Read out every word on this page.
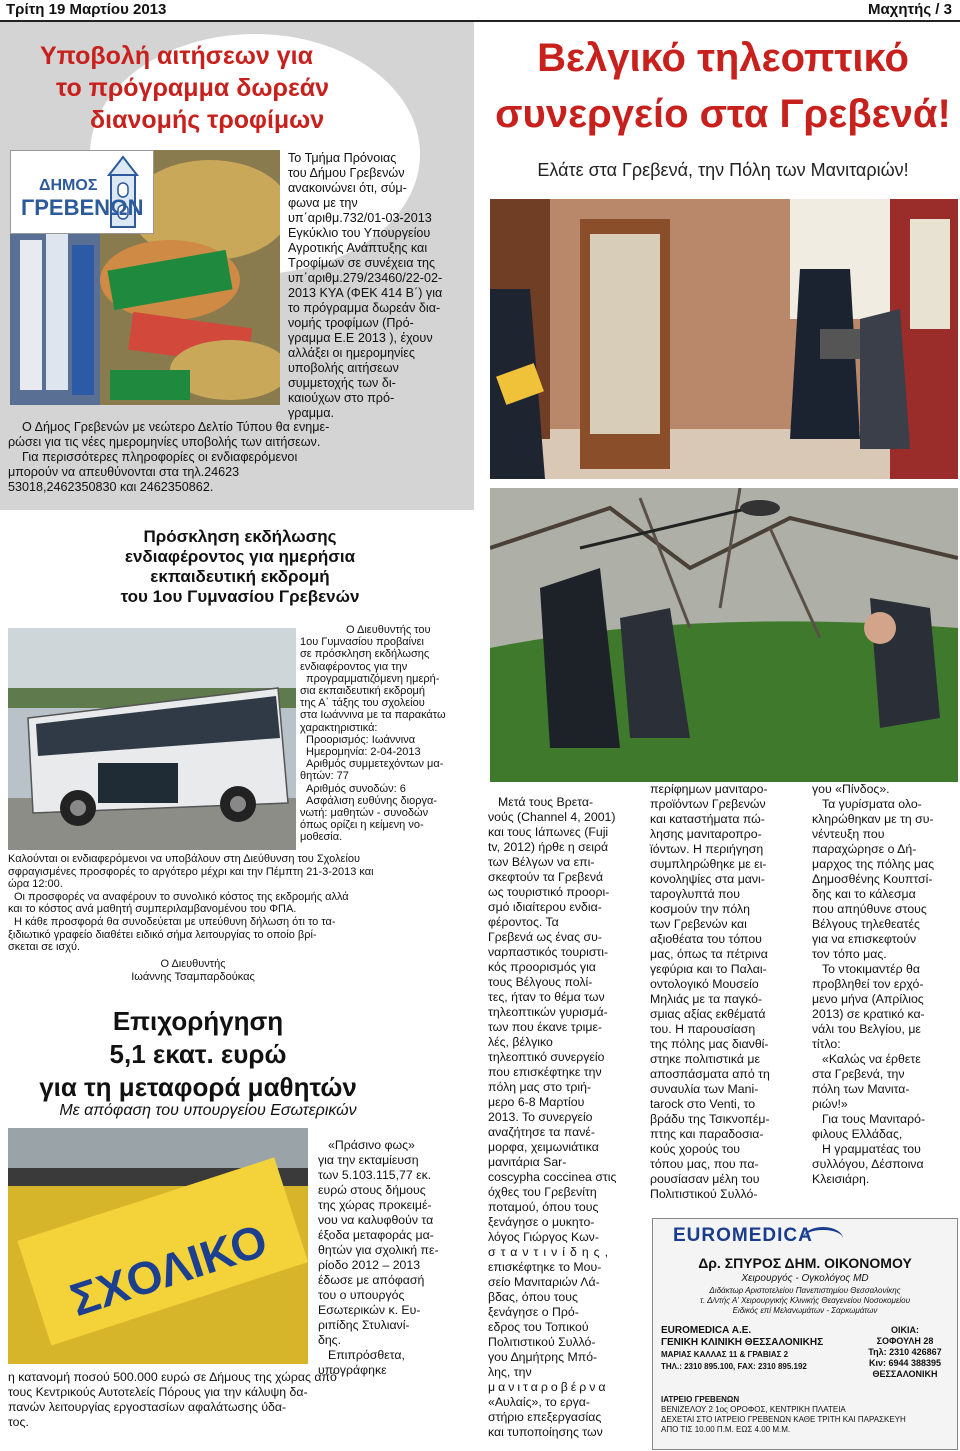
Τρίτη 19 Μαρτίου 2013	Μαχητής / 3
Υποβολή αιτήσεων για
το πρόγραμμα δωρεάν
διανομής τροφίμων
ΔΗΜΟΣ
ΓΡΕΒΕΝΩΝ
Το Τμήμα Πρόνοιας
του Δήμου Γρεβενών
ανακοινώνει ότι, σύμ-
φωνα με την
υπ΄αριθμ.732/01-03-2013
Εγκύκλιο του Υπουργείου
Αγροτικής Ανάπτυξης και
Τροφίμων σε συνέχεια της
υπ΄αριθμ.279/23460/22-02-
2013 ΚΥΑ (ΦΕΚ 414 Β΄) για
το πρόγραμμα δωρεάν δια-
νομής τροφίμων (Πρό-
γραμμα Ε.Ε 2013 ), έχουν
αλλάξει οι ημερομηνίες
υποβολής αιτήσεων
συμμετοχής των δι-
καιούχων στο πρό-
γραμμα.
Ο Δήμος Γρεβενών με νεώτερο Δελτίο Τύπου θα ενημε-
ρώσει για τις νέες ημερομηνίες υποβολής των αιτήσεων.
Για περισσότερες πληροφορίες οι ενδιαφερόμενοι
μπορούν να απευθύνονται στα τηλ.24623
53018,2462350830 και 2462350862.
Πρόσκληση εκδήλωσης
ενδιαφέροντος για ημερήσια
εκπαιδευτική εκδρομή
του 1ου Γυμνασίου Γρεβενών
Ο Διευθυντής του
1ου Γυμνασίου προβαίνει
σε πρόσκληση εκδήλωσης
ενδιαφέροντος για την
προγραμματιζόμενη ημερή-
σια εκπαιδευτική εκδρομή
της Α΄ τάξης του σχολείου
στα Ιωάννινα με τα παρακάτω
χαρακτηριστικά:
Προορισμός: Ιωάννινα
Ημερομηνία: 2-04-2013
Αριθμός συμμετεχόντων μα-
θητών: 77
Αριθμός συνοδών: 6
Ασφάλιση ευθύνης διοργα-
νωτή: μαθητών - συνοδών
όπως ορίζει η κείμενη νο-
μοθεσία.
Καλούνται οι ενδιαφερόμενοι να υποβάλουν στη Διεύθυνση του Σχολείου
σφραγισμένες προσφορές το αργότερο μέχρι και την Πέμπτη 21-3-2013 και
ώρα 12:00.
Οι προσφορές να αναφέρουν το συνολικό κόστος της εκδρομής αλλά
και το κόστος ανά μαθητή συμπεριλαμβανομένου του ΦΠΑ.
Η κάθε προσφορά θα συνοδεύεται με υπεύθυνη δήλωση ότι το τα-
ξιδιωτικό γραφείο διαθέτει ειδικό σήμα λειτουργίας το οποίο βρί-
σκεται σε ισχύ.
Ο Διευθυντής
Ιωάννης Τσαμπαρδούκας
Επιχορήγηση
5,1 εκατ. ευρώ
για τη μεταφορά μαθητών
Με απόφαση του υπουργείου Εσωτερικών
ΣΧΟΛΙΚΟ
«Πράσινο φως»
για την εκταμίευση
των 5.103.115,77 εκ.
ευρώ στους δήμους
της χώρας προκειμέ-
νου να καλυφθούν τα
έξοδα μεταφοράς μα-
θητών για σχολική πε-
ρίοδο 2012 – 2013
έδωσε με απόφασή
του ο υπουργός
Εσωτερικών κ. Ευ-
ριπίδης Στυλιανί-
δης.
Επιπρόσθετα,
υπογράφηκε
η κατανομή ποσού 500.000 ευρώ σε Δήμους της χώρας από
τους Κεντρικούς Αυτοτελείς Πόρους για την κάλυψη δα-
πανών λειτουργίας εργοστασίων αφαλάτωσης ύδα-
τος.
Βελγικό τηλεοπτικό
συνεργείο στα Γρεβενά!
Ελάτε στα Γρεβενά, την Πόλη των Μανιταριών!
Μετά τους Βρετα-
νούς (Channel 4, 2001)
και τους Ιάπωνες (Fuji
tv, 2012) ήρθε η σειρά
των Βέλγων να επι-
σκεφτούν τα Γρεβενά
ως τουριστικό προορι-
σμό ιδιαίτερου ενδια-
φέροντος. Τα
Γρεβενά ως ένας συ-
ναρπαστικός τουριστι-
κός προορισμός για
τους Βέλγους πολί-
τες, ήταν το θέμα των
τηλεοπτικών γυρισμά-
των που έκανε τριμε-
λές, βέλγικο
τηλεοπτικό συνεργείο
που επισκέφτηκε την
πόλη μας στο τριή-
μερο 6-8 Μαρτίου
2013. Το συνεργείο
αναζήτησε τα πανέ-
μορφα, χειμωνιάτικα
μανιτάρια Sar-
coscypha coccinea στις
όχθες του Γρεβενίτη
ποταμού, όπου τους
ξενάγησε ο μυκητο-
λόγος Γιώργος Κων-
σταντινίδης,
επισκέφτηκε το Μου-
σείο Μανιταριών Λά-
βδας, όπου τους
ξενάγησε ο Πρό-
εδρος του Τοπικού
Πολιτιστικού Συλλό-
γου Δημήτρης Μπό-
λης, την
μανιταροβέρνα
«Αυλαίς», το εργα-
στήριο επεξεργασίας
και τυποποίησης των
περίφημων μανιταρο-
προϊόντων Γρεβενών
και καταστήματα πώ-
λησης μανιταροπρο-
ϊόντων. Η περιήγηση
συμπληρώθηκε με ει-
κονοληψίες στα μανι-
ταρογλυπτά που
κοσμούν την πόλη
των Γρεβενών και
αξιοθέατα του τόπου
μας, όπως τα πέτρινα
γεφύρια και το Παλαι-
οντολογικό Μουσείο
Μηλιάς με τα παγκό-
σμιας αξίας εκθέματά
του. Η παρουσίαση
της πόλης μας διανθί-
στηκε πολιτιστικά με
αποσπάσματα από τη
συναυλία των Mani-
tarock στο Venti, το
βράδυ της Τσικνοπέμ-
πτης και παραδοσια-
κούς χορούς του
τόπου μας, που πα-
ρουσίασαν μέλη του
Πολιτιστικού Συλλό-
γου «Πίνδος».
Τα γυρίσματα ολο-
κληρώθηκαν με τη συ-
νέντευξη που
παραχώρησε ο Δή-
μαρχος της πόλης μας
Δημοσθένης Κουπτσί-
δης και το κάλεσμα
που απηύθυνε στους
Βέλγους τηλεθεατές
για να επισκεφτούν
τον τόπο μας.
Το ντοκιμαντέρ θα
προβληθεί τον ερχό-
μενο μήνα (Απρίλιος
2013) σε κρατικό κα-
νάλι του Βελγίου, με
τίτλο:
«Καλώς να έρθετε
στα Γρεβενά, την
πόλη των Μανιτα-
ριών!»
Για τους Μανιταρό-
φιλους Ελλάδας,
Η γραμματέας του
συλλόγου, Δέσποινα
Κλεισιάρη.
EUROMEDICA
Δρ. ΣΠΥΡΟΣ ΔΗΜ. ΟΙΚΟΝΟΜΟΥ
Χειρουργός - Ογκολόγος MD
Διδάκτωρ Αριστοτελείου Πανεπιστημίου Θεσσαλονίκης
τ. Δ/ντής Α' Χειρουργικής Κλινικής Θεαγενείου Νοσοκομείου
Ειδικός επί Μελανωμάτων - Σαρκωμάτων
EUROMEDICA Α.Ε.
ΓΕΝΙΚΗ ΚΛΙΝΙΚΗ ΘΕΣΣΑΛΟΝΙΚΗΣ
ΜΑΡΙΑΣ ΚΑΛΛΑΣ 11 & ΓΡΑΒΙΑΣ 2
ΤΗΛ.: 2310 895.100, FAX: 2310 895.192
ΟΙΚΙΑ:
ΣΟΦΟΥΛΗ 28
Τηλ: 2310 426867
Κιν: 6944 388395
ΘΕΣΣΑΛΟΝΙΚΗ
ΙΑΤΡΕΙΟ ΓΡΕΒΕΝΩΝ
ΒΕΝΙΖΕΛΟΥ 2 1ος ΟΡΟΦΟΣ, ΚΕΝΤΡΙΚΗ ΠΛΑΤΕΙΑ
ΔΕΧΕΤΑΙ ΣΤΟ ΙΑΤΡΕΙΟ ΓΡΕΒΕΝΩΝ ΚΑΘΕ ΤΡΙΤΗ ΚΑΙ ΠΑΡΑΣΚΕΥΗ
ΑΠΟ ΤΙΣ 10.00 Π.Μ. ΕΩΣ 4.00 Μ.Μ.
